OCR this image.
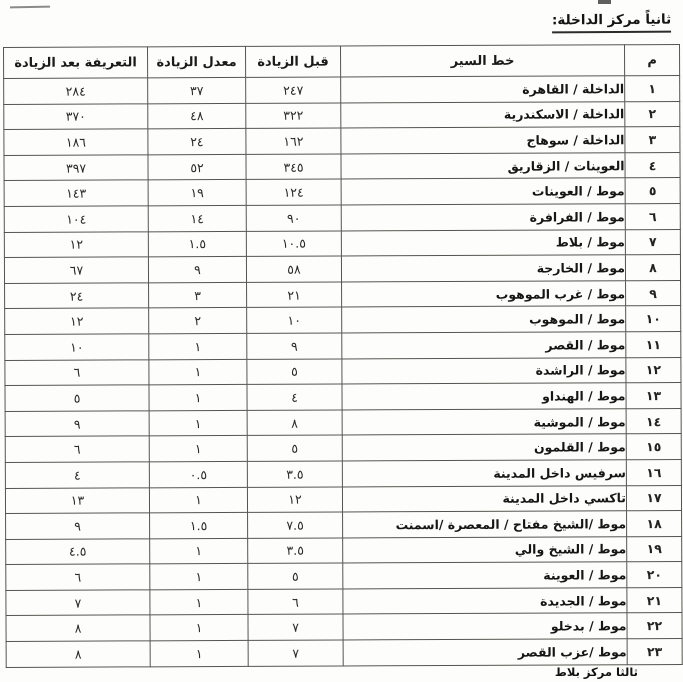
ثانياً مركز الداخلة:
م	خط السير	قبل الزيادة	معدل الزيادة	التعريفة بعد الزيادة
١	الداخلة / القاهرة	٢٤٧	٣٧	٢٨٤
٢	الداخلة / الاسكندرية	٣٢٢	٤٨	٣٧٠
٣	الداخلة / سوهاج	١٦٢	٢٤	١٨٦
٤	العوينات / الزقاريق	٣٤٥	٥٢	٣٩٧
٥	موط / العوينات	١٢٤	١٩	١٤٣
٦	موط / الفرافرة	٩٠	١٤	١٠٤
٧	موط / بلاط	١٠.٥	١.٥	١٢
٨	موط / الخارجة	٥٨	٩	٦٧
٩	موط / غرب الموهوب	٢١	٣	٢٤
١٠	موط / الموهوب	١٠	٢	١٢
١١	موط / القصر	٩	١	١٠
١٢	موط / الراشدة	٥	١	٦
١٣	موط / الهنداو	٤	١	٥
١٤	موط / الموشية	٨	١	٩
١٥	موط / القلمون	٥	١	٦
١٦	سرفيس داخل المدينة	٣.٥	٠.٥	٤
١٧	تاكسي داخل المدينة	١٢	١	١٣
١٨	موط /الشيخ مفتاح / المعصرة /اسمنت	٧.٥	١.٥	٩
١٩	موط / الشيخ والي	٣.٥	١	٤.٥
٢٠	موط / العوينة	٥	١	٦
٢١	موط / الجديدة	٦	١	٧
٢٢	موط / بدخلو	٧	١	٨
٢٣	موط /عزب القصر	٧	١	٨
ثالثا مركز بلاط
